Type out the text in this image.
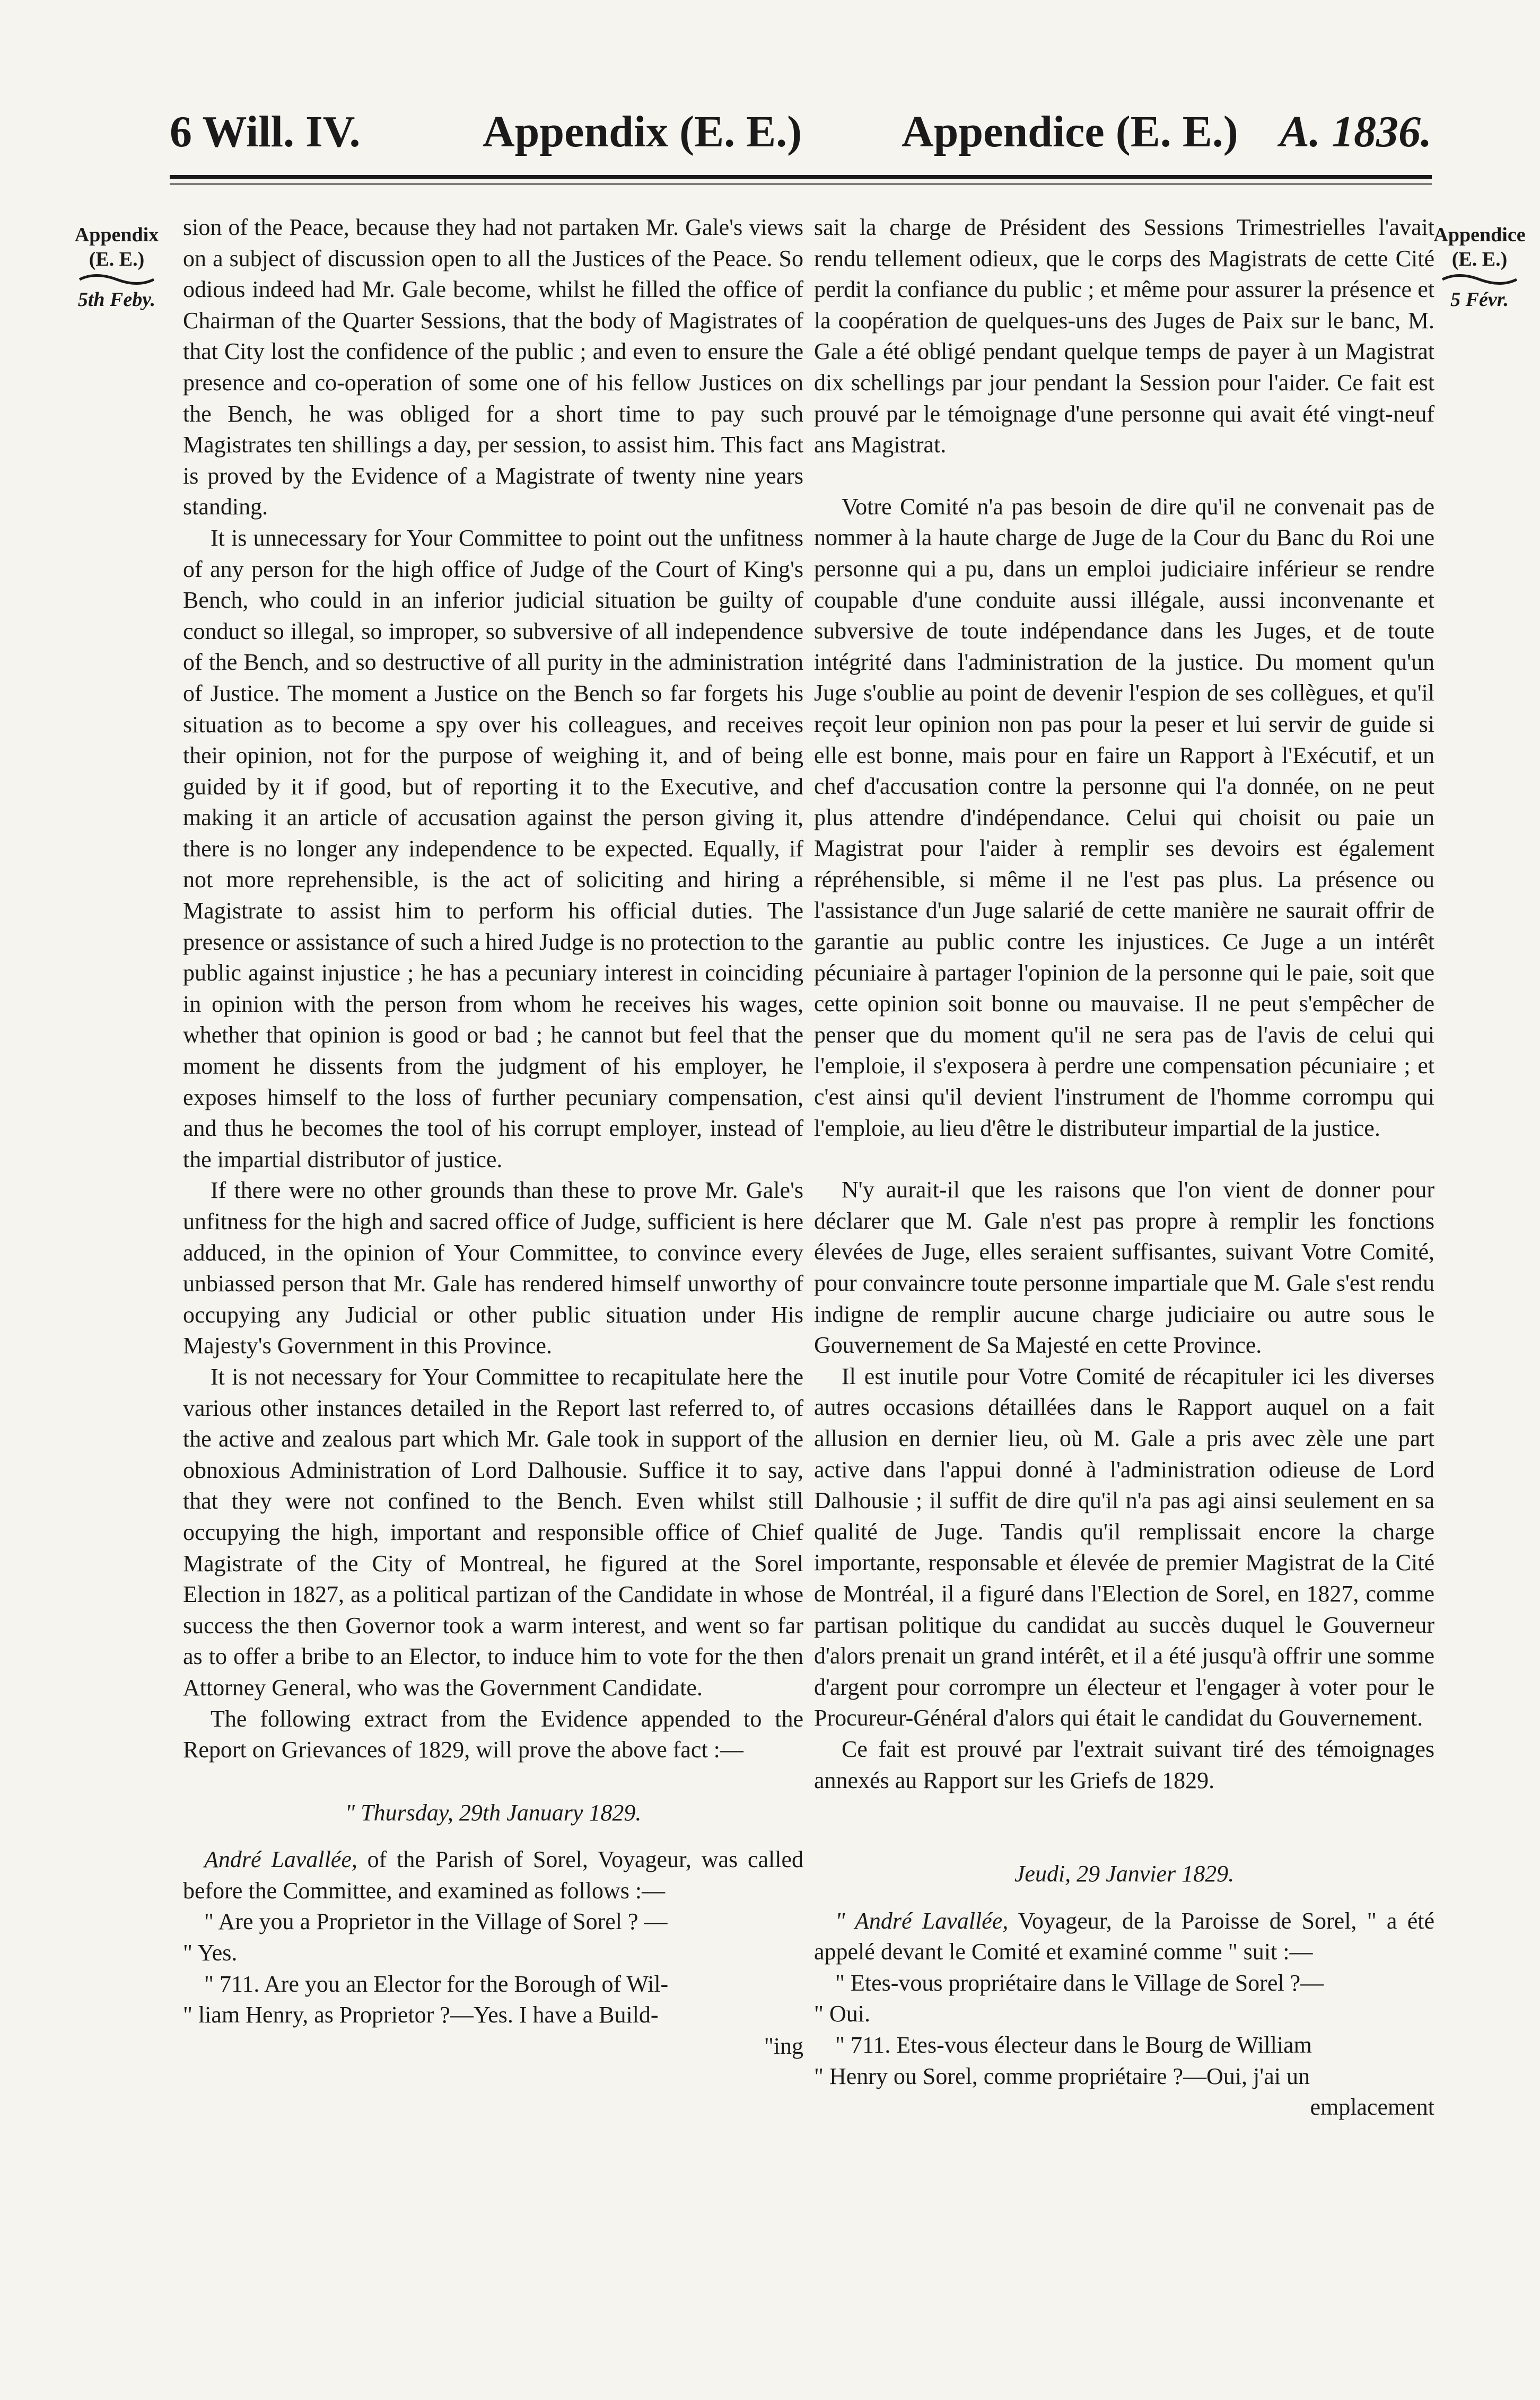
6 Will. IV.	Appendix (E. E.) Appendice (E. E.) A. 1836.
Appendix
(E. E.)
5th Feby.
Appendice
(E. E.)
5 Févr.

sion of the Peace, because they had not partaken Mr. Gale's views on a subject of discussion open to all the Justices of the Peace. So odious indeed had Mr. Gale become, whilst he filled the office of Chairman of the Quarter Sessions, that the body of Magistrates of that City lost the confidence of the public ; and even to ensure the presence and co-operation of some one of his fellow Justices on the Bench, he was obliged for a short time to pay such Magistrates ten shillings a day, per session, to assist him. This fact is proved by the Evidence of a Magistrate of twenty nine years standing.

It is unnecessary for Your Committee to point out the unfitness of any person for the high office of Judge of the Court of King's Bench, who could in an inferior judicial situation be guilty of conduct so illegal, so improper, so subversive of all independence of the Bench, and so destructive of all purity in the administration of Justice. The moment a Justice on the Bench so far forgets his situation as to become a spy over his colleagues, and receives their opinion, not for the purpose of weighing it, and of being guided by it if good, but of reporting it to the Executive, and making it an article of accusation against the person giving it, there is no longer any independence to be expected. Equally, if not more reprehensible, is the act of soliciting and hiring a Magistrate to assist him to perform his official duties. The presence or assistance of such a hired Judge is no protection to the public against injustice ; he has a pecuniary interest in coinciding in opinion with the person from whom he receives his wages, whether that opinion is good or bad ; he cannot but feel that the moment he dissents from the judgment of his employer, he exposes himself to the loss of further pecuniary compensation, and thus he becomes the tool of his corrupt employer, instead of the impartial distributor of justice.

If there were no other grounds than these to prove Mr. Gale's unfitness for the high and sacred office of Judge, sufficient is here adduced, in the opinion of Your Committee, to convince every unbiassed person that Mr. Gale has rendered himself unworthy of occupying any Judicial or other public situation under His Majesty's Government in this Province.

It is not necessary for Your Committee to recapitulate here the various other instances detailed in the Report last referred to, of the active and zealous part which Mr. Gale took in support of the obnoxious Administration of Lord Dalhousie. Suffice it to say, that they were not confined to the Bench. Even whilst still occupying the high, important and responsible office of Chief Magistrate of the City of Montreal, he figured at the Sorel Election in 1827, as a political partizan of the Candidate in whose success the then Governor took a warm interest, and went so far as to offer a bribe to an Elector, to induce him to vote for the then Attorney General, who was the Government Candidate.

The following extract from the Evidence appended to the Report on Grievances of 1829, will prove the above fact :—

" Thursday, 29th January 1829.

André Lavallée, of the Parish of Sorel, Voyageur, was called before the Committee, and examined as follows :—

" Are you a Proprietor in the Village of Sorel ? —

" Yes.

" 711. Are you an Elector for the Borough of Wil-

" liam Henry, as Proprietor ?—Yes. I have a Build-

"ing

sait la charge de Président des Sessions Trimestrielles l'avait rendu tellement odieux, que le corps des Magistrats de cette Cité perdit la confiance du public ; et même pour assurer la présence et la coopération de quelques-uns des Juges de Paix sur le banc, M. Gale a été obligé pendant quelque temps de payer à un Magistrat dix schellings par jour pendant la Session pour l'aider. Ce fait est prouvé par le témoignage d'une personne qui avait été vingt-neuf ans Magistrat.

Votre Comité n'a pas besoin de dire qu'il ne convenait pas de nommer à la haute charge de Juge de la Cour du Banc du Roi une personne qui a pu, dans un emploi judiciaire inférieur se rendre coupable d'une conduite aussi illégale, aussi inconvenante et subversive de toute indépendance dans les Juges, et de toute intégrité dans l'administration de la justice. Du moment qu'un Juge s'oublie au point de devenir l'espion de ses collègues, et qu'il reçoit leur opinion non pas pour la peser et lui servir de guide si elle est bonne, mais pour en faire un Rapport à l'Exécutif, et un chef d'accusation contre la personne qui l'a donnée, on ne peut plus attendre d'indépendance. Celui qui choisit ou paie un Magistrat pour l'aider à remplir ses devoirs est également répréhensible, si même il ne l'est pas plus. La présence ou l'assistance d'un Juge salarié de cette manière ne saurait offrir de garantie au public contre les injustices. Ce Juge a un intérêt pécuniaire à partager l'opinion de la personne qui le paie, soit que cette opinion soit bonne ou mauvaise. Il ne peut s'empêcher de penser que du moment qu'il ne sera pas de l'avis de celui qui l'emploie, il s'exposera à perdre une compensation pécuniaire ; et c'est ainsi qu'il devient l'instrument de l'homme corrompu qui l'emploie, au lieu d'être le distributeur impartial de la justice.

N'y aurait-il que les raisons que l'on vient de donner pour déclarer que M. Gale n'est pas propre à remplir les fonctions élevées de Juge, elles seraient suffisantes, suivant Votre Comité, pour convaincre toute personne impartiale que M. Gale s'est rendu indigne de remplir aucune charge judiciaire ou autre sous le Gouvernement de Sa Majesté en cette Province.

Il est inutile pour Votre Comité de récapituler ici les diverses autres occasions détaillées dans le Rapport auquel on a fait allusion en dernier lieu, où M. Gale a pris avec zèle une part active dans l'appui donné à l'administration odieuse de Lord Dalhousie ; il suffit de dire qu'il n'a pas agi ainsi seulement en sa qualité de Juge. Tandis qu'il remplissait encore la charge importante, responsable et élevée de premier Magistrat de la Cité de Montréal, il a figuré dans l'Election de Sorel, en 1827, comme partisan politique du candidat au succès duquel le Gouverneur d'alors prenait un grand intérêt, et il a été jusqu'à offrir une somme d'argent pour corrompre un électeur et l'engager à voter pour le Procureur-Général d'alors qui était le candidat du Gouvernement.

Ce fait est prouvé par l'extrait suivant tiré des témoignages annexés au Rapport sur les Griefs de 1829.

Jeudi, 29 Janvier 1829.

" André Lavallée, Voyageur, de la Paroisse de Sorel, " a été appelé devant le Comité et examiné comme " suit :—

" Etes-vous propriétaire dans le Village de Sorel ?—

" Oui.

" 711. Etes-vous électeur dans le Bourg de William

" Henry ou Sorel, comme propriétaire ?—Oui, j'ai un

emplacement
